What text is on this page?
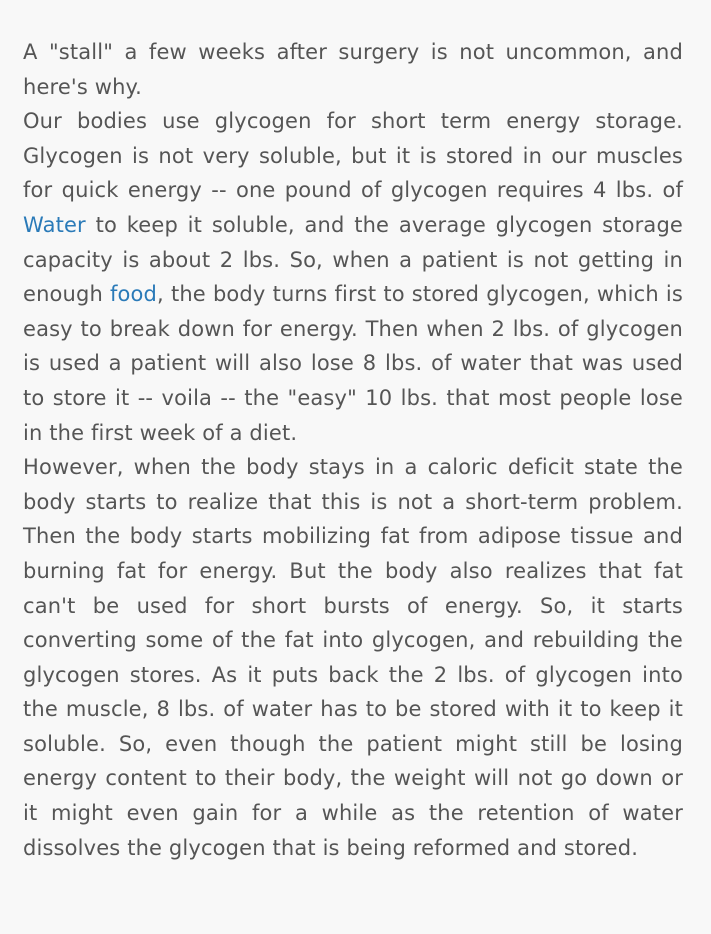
A "stall" a few weeks after surgery is not uncommon, and here's why.

Our bodies use glycogen for short term energy storage. Glycogen is not very soluble, but it is stored in our muscles for quick energy -- one pound of glycogen requires 4 lbs. of Water to keep it soluble, and the average glycogen storage capacity is about 2 lbs. So, when a patient is not getting in enough food, the body turns first to stored glycogen, which is easy to break down for energy. Then when 2 lbs. of glycogen is used a patient will also lose 8 lbs. of water that was used to store it -- voila -- the "easy" 10 lbs. that most people lose in the first week of a diet.

However, when the body stays in a caloric deficit state the body starts to realize that this is not a short-term problem. Then the body starts mobilizing fat from adipose tissue and burning fat for energy. But the body also realizes that fat can't be used for short bursts of energy. So, it starts converting some of the fat into glycogen, and rebuilding the glycogen stores. As it puts back the 2 lbs. of glycogen into the muscle, 8 lbs. of water has to be stored with it to keep it soluble. So, even though the patient might still be losing energy content to their body, the weight will not go down or it might even gain for a while as the retention of water dissolves the glycogen that is being reformed and stored.
